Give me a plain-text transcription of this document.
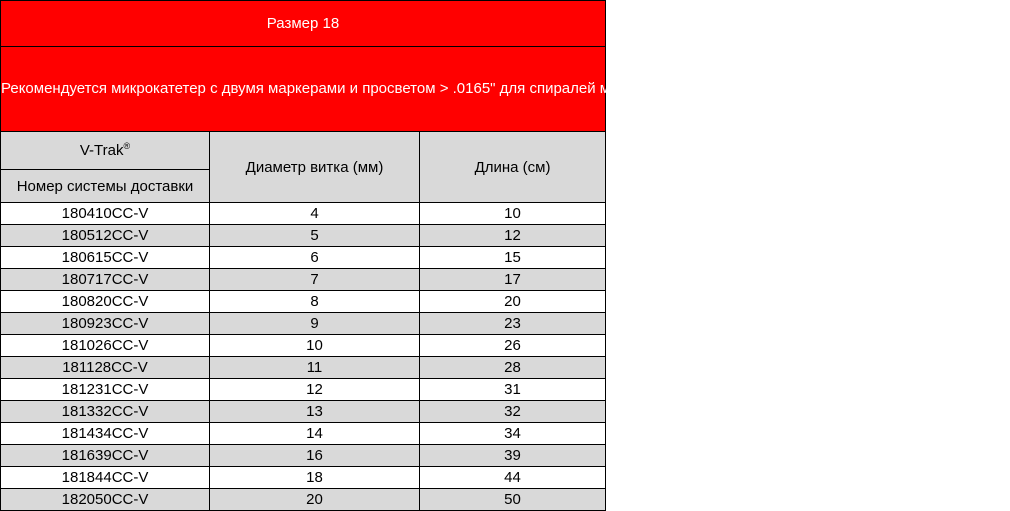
Размер 18		
Рекомендуется микрокатетер с двумя маркерами и просветом > .0165" для спиралей менее 12 мм просветом > .018" для спиралей более 13 мм		
V-Trak®	Диаметр витка (мм)	Длина (см)
Номер системы доставки		
180410CC-V	4	10
180512CC-V	5	12
180615CC-V	6	15
180717CC-V	7	17
180820CC-V	8	20
180923CC-V	9	23
181026CC-V	10	26
181128CC-V	11	28
181231CC-V	12	31
181332CC-V	13	32
181434CC-V	14	34
181639CC-V	16	39
181844CC-V	18	44
182050CC-V	20	50
